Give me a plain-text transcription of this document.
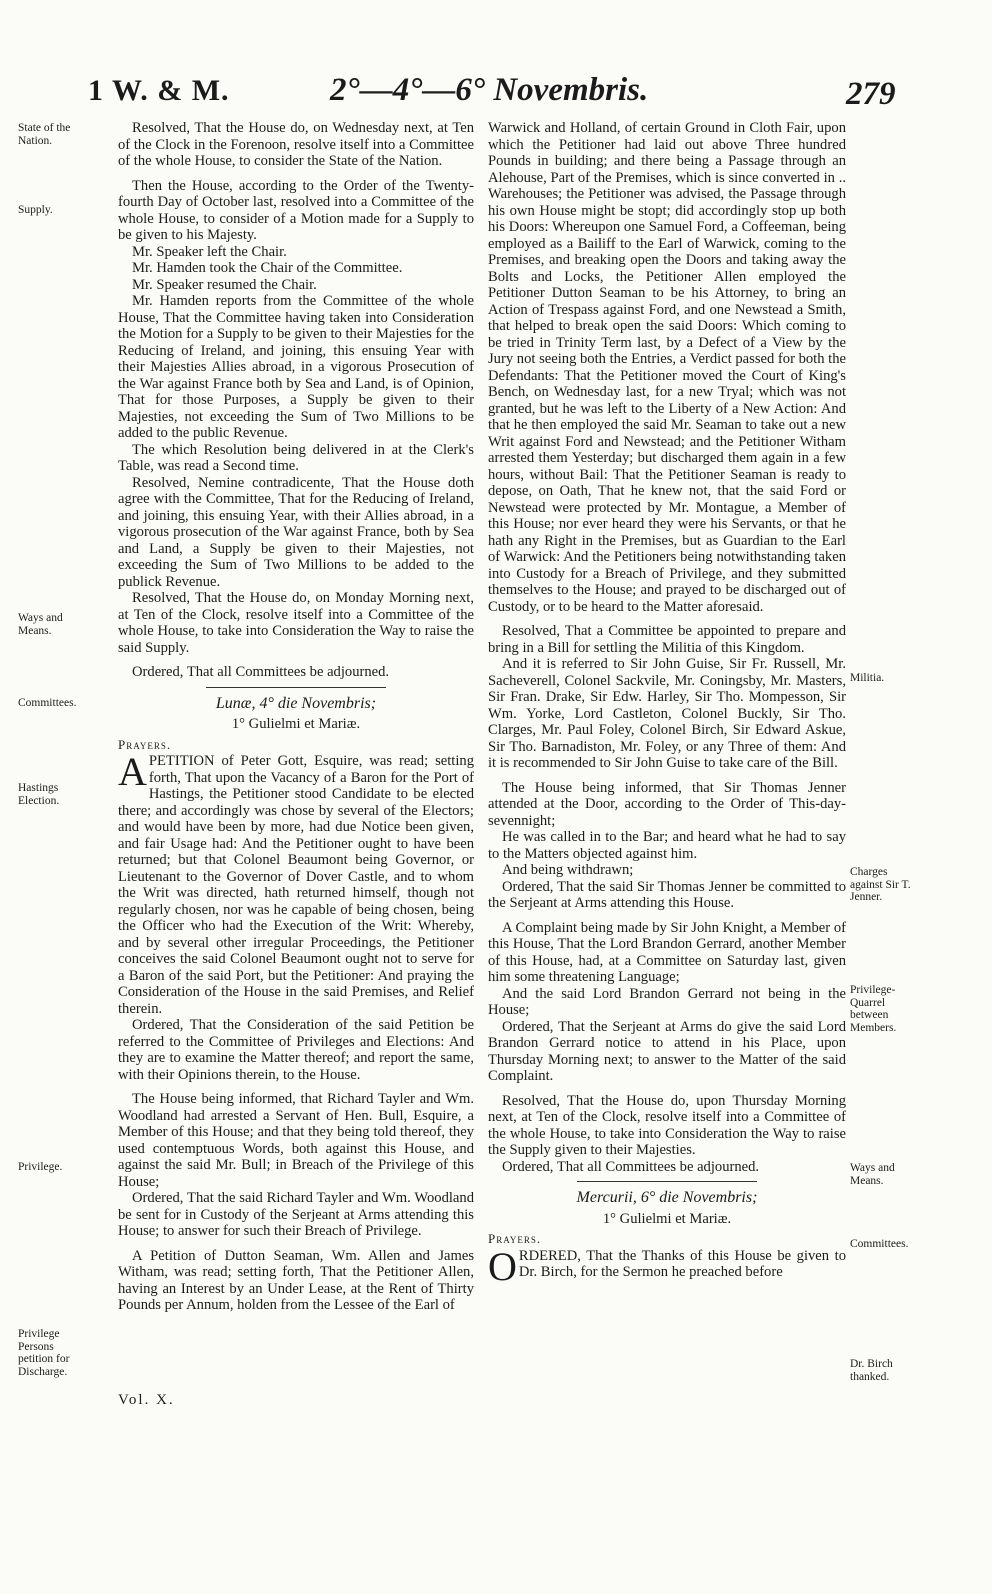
1 W. & M.	2°—4°—6° Novembris.	279
State of the Nation.
Supply.
Ways and Means.
Committees.
Hastings Election.
Privilege.
Privilege Persons petition for Discharge.
Militia.
Charges against Sir T. Jenner.
Privilege-Quarrel between Members.
Ways and Means.
Committees.
Dr. Birch thanked.

Resolved, That the House do, on Wednesday next, at Ten of the Clock in the Forenoon, resolve itself into a Committee of the whole House, to consider the State of the Nation.

Then the House, according to the Order of the Twenty-fourth Day of October last, resolved into a Committee of the whole House, to consider of a Motion made for a Supply to be given to his Majesty.

Mr. Speaker left the Chair.

Mr. Hamden took the Chair of the Committee.

Mr. Speaker resumed the Chair.

Mr. Hamden reports from the Committee of the whole House, That the Committee having taken into Consideration the Motion for a Supply to be given to their Majesties for the Reducing of Ireland, and joining, this ensuing Year with their Majesties Allies abroad, in a vigorous Prosecution of the War against France both by Sea and Land, is of Opinion, That for those Purposes, a Supply be given to their Majesties, not exceeding the Sum of Two Millions to be added to the public Revenue.

The which Resolution being delivered in at the Clerk's Table, was read a Second time.

Resolved, Nemine contradicente, That the House doth agree with the Committee, That for the Reducing of Ireland, and joining, this ensuing Year, with their Allies abroad, in a vigorous prosecution of the War against France, both by Sea and Land, a Supply be given to their Majesties, not exceeding the Sum of Two Millions to be added to the publick Revenue.

Resolved, That the House do, on Monday Morning next, at Ten of the Clock, resolve itself into a Committee of the whole House, to take into Consideration the Way to raise the said Supply.

Ordered, That all Committees be adjourned.

Lunæ, 4° die Novembris;

1° Gulielmi et Mariæ.

Prayers.

APETITION of Peter Gott, Esquire, was read; setting forth, That upon the Vacancy of a Baron for the Port of Hastings, the Petitioner stood Candidate to be elected there; and accordingly was chose by several of the Electors; and would have been by more, had due Notice been given, and fair Usage had: And the Petitioner ought to have been returned; but that Colonel Beaumont being Governor, or Lieutenant to the Governor of Dover Castle, and to whom the Writ was directed, hath returned himself, though not regularly chosen, nor was he capable of being chosen, being the Officer who had the Execution of the Writ: Whereby, and by several other irregular Proceedings, the Petitioner conceives the said Colonel Beaumont ought not to serve for a Baron of the said Port, but the Petitioner: And praying the Consideration of the House in the said Premises, and Relief therein.

Ordered, That the Consideration of the said Petition be referred to the Committee of Privileges and Elections: And they are to examine the Matter thereof; and report the same, with their Opinions therein, to the House.

The House being informed, that Richard Tayler and Wm. Woodland had arrested a Servant of Hen. Bull, Esquire, a Member of this House; and that they being told thereof, they used contemptuous Words, both against this House, and against the said Mr. Bull; in Breach of the Privilege of this House;

Ordered, That the said Richard Tayler and Wm. Woodland be sent for in Custody of the Serjeant at Arms attending this House; to answer for such their Breach of Privilege.

A Petition of Dutton Seaman, Wm. Allen and James Witham, was read; setting forth, That the Petitioner Allen, having an Interest by an Under Lease, at the Rent of Thirty Pounds per Annum, holden from the Lessee of the Earl of

Warwick and Holland, of certain Ground in Cloth Fair, upon which the Petitioner had laid out above Three hundred Pounds in building; and there being a Passage through an Alehouse, Part of the Premises, which is since converted in .. Warehouses; the Petitioner was advised, the Passage through his own House might be stopt; did accordingly stop up both his Doors: Whereupon one Samuel Ford, a Coffeeman, being employed as a Bailiff to the Earl of Warwick, coming to the Premises, and breaking open the Doors and taking away the Bolts and Locks, the Petitioner Allen employed the Petitioner Dutton Seaman to be his Attorney, to bring an Action of Trespass against Ford, and one Newstead a Smith, that helped to break open the said Doors: Which coming to be tried in Trinity Term last, by a Defect of a View by the Jury not seeing both the Entries, a Verdict passed for both the Defendants: That the Petitioner moved the Court of King's Bench, on Wednesday last, for a new Tryal; which was not granted, but he was left to the Liberty of a New Action: And that he then employed the said Mr. Seaman to take out a new Writ against Ford and Newstead; and the Petitioner Witham arrested them Yesterday; but discharged them again in a few hours, without Bail: That the Petitioner Seaman is ready to depose, on Oath, That he knew not, that the said Ford or Newstead were protected by Mr. Montague, a Member of this House; nor ever heard they were his Servants, or that he hath any Right in the Premises, but as Guardian to the Earl of Warwick: And the Petitioners being notwithstanding taken into Custody for a Breach of Privilege, and they submitted themselves to the House; and prayed to be discharged out of Custody, or to be heard to the Matter aforesaid.

Resolved, That a Committee be appointed to prepare and bring in a Bill for settling the Militia of this Kingdom.

And it is referred to Sir John Guise, Sir Fr. Russell, Mr. Sacheverell, Colonel Sackvile, Mr. Coningsby, Mr. Masters, Sir Fran. Drake, Sir Edw. Harley, Sir Tho. Mompesson, Sir Wm. Yorke, Lord Castleton, Colonel Buckly, Sir Tho. Clarges, Mr. Paul Foley, Colonel Birch, Sir Edward Askue, Sir Tho. Barnadiston, Mr. Foley, or any Three of them: And it is recommended to Sir John Guise to take care of the Bill.

The House being informed, that Sir Thomas Jenner attended at the Door, according to the Order of This-day-sevennight;

He was called in to the Bar; and heard what he had to say to the Matters objected against him.

And being withdrawn;

Ordered, That the said Sir Thomas Jenner be committed to the Serjeant at Arms attending this House.

A Complaint being made by Sir John Knight, a Member of this House, That the Lord Brandon Gerrard, another Member of this House, had, at a Committee on Saturday last, given him some threatening Language;

And the said Lord Brandon Gerrard not being in the House;

Ordered, That the Serjeant at Arms do give the said Lord Brandon Gerrard notice to attend in his Place, upon Thursday Morning next; to answer to the Matter of the said Complaint.

Resolved, That the House do, upon Thursday Morning next, at Ten of the Clock, resolve itself into a Committee of the whole House, to take into Consideration the Way to raise the Supply given to their Majesties.

Ordered, That all Committees be adjourned.

Mercurii, 6° die Novembris;

1° Gulielmi et Mariæ.

Prayers.

ORDERED, That the Thanks of this House be given to Dr. Birch, for the Sermon he preached before

Vol. X.
